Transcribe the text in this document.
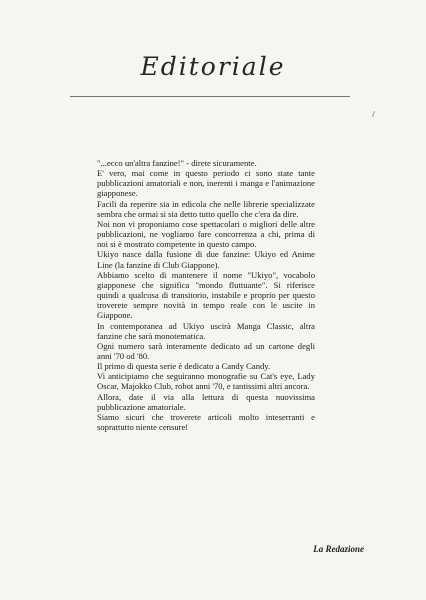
Editoriale

"...ecco un'altra fanzine!" - direte sicuramente.

E' vero, mai come in questo periodo ci sono state tante pubblicazioni amatoriali e non, inerenti i manga e l'animazione giapponese.

Facili da reperire sia in edicola che nelle librerie specializzate sembra che ormai si sia detto tutto quello che c'era da dire.

Noi non vi proponiamo cose spettacolari o migliori delle altre pubblicazioni, ne vogliamo fare concorrenza a chi, prima di noi si è mostrato competente in questo campo.

Ukiyo nasce dalla fusione di due fanzine: Ukiyo ed Anime Line (la fanzine di Club Giappone).

Abbiamo scelto di mantenere il nome "Ukiyo", vocabolo giapponese che significa "mondo fluttuante". Si riferisce quindi a qualcosa di transitorio, instabile e proprio per questo troverete sempre novità in tempo reale con le uscite in Giappone.

In contemporanea ad Ukiyo uscirà Manga Classic, altra fanzine che sarà monotematica.

Ogni numero sarà interamente dedicato ad un cartone degli anni '70 od '80.

Il primo di questa serie è dedicato a Candy Candy.

Vi anticipiamo che seguiranno monografie su Cat's eye, Lady Oscar, Majokko Club, robot anni '70, e tantissimi altri ancora.

Allora, date il via alla lettura di questa nuovissima pubblicazione amatoriale.

Siamo sicuri che troverete articoli molto inteserranti e soprattutto niente censure!

La Redazione
